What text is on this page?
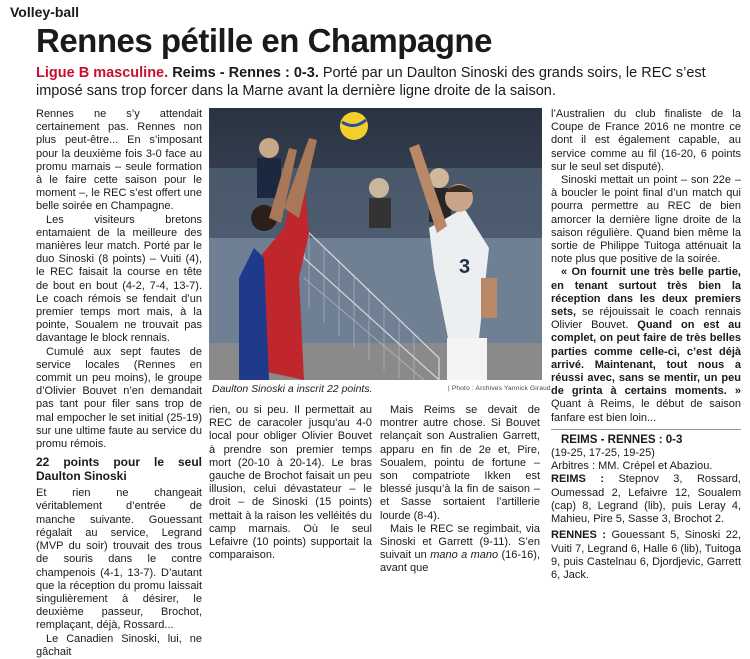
Volley-ball
Rennes pétille en Champagne
Ligue B masculine. Reims - Rennes : 0-3. Porté par un Daulton Sinoski des grands soirs, le REC s’est imposé sans trop forcer dans la Marne avant la dernière ligne droite de la saison.

Rennes ne s’y attendait certainement pas. Rennes non plus peut-être... En s’imposant pour la deuxième fois 3-0 face au promu marnais – seule formation à le faire cette saison pour le moment –, le REC s’est offert une belle soirée en Champagne.

Les visiteurs bretons entamaient de la meilleure des manières leur match. Porté par le duo Sinoski (8 points) – Vuiti (4), le REC faisait la course en tête de bout en bout (4-2, 7-4, 13-7). Le coach rémois se fendait d’un premier temps mort mais, à la pointe, Soualem ne trouvait pas davantage le block rennais.

Cumulé aux sept fautes de service locales (Rennes en commit un peu moins), le groupe d’Olivier Bouvet n’en demandait pas tant pour filer sans trop de mal empocher le set initial (25-19) sur une ultime faute au service du promu rémois.

22 points pour le seul Daulton Sinoski

Et rien ne changeait véritablement d’entrée de manche suivante. Gouessant régalait au service, Legrand (MVP du soir) trouvait des trous de souris dans le contre champenois (4-1, 13-7). D’autant que la réception du promu laissait singulièrement à désirer, le deuxième passeur, Brochot, remplaçant, déjà, Rossard...

Le Canadien Sinoski, lui, ne gâchait

3
Daulton Sinoski a inscrit 22 points.	| Photo : Archives Yannick Giraud

rien, ou si peu. Il permettait au REC de caracoler jusqu’au 4-0 local pour obliger Olivier Bouvet à prendre son premier temps mort (20-10 à 20-14). Le bras gauche de Brochot faisait un peu illusion, celui dévastateur – le droit – de Sinoski (15 points) mettait à la raison les velléités du camp marnais. Où le seul Lefaivre (10 points) supportait la comparaison.

Mais Reims se devait de montrer autre chose. Si Bouvet relançait son Australien Garrett, apparu en fin de 2e et, Pire, Soualem, pointu de fortune – son compatriote Ikken est blessé jusqu’à la fin de saison – et Sasse sortaient l’artillerie lourde (8-4).

Mais le REC se regimbait, via Sinoski et Garrett (9-11). S’en suivait un mano a mano (16-16), avant que

l’Australien du club finaliste de la Coupe de France 2016 ne montre ce dont il est également capable, au service comme au fil (16-20, 6 points sur le seul set disputé).

Sinoski mettait un point – son 22e – à boucler le point final d’un match qui pourra permettre au REC de bien amorcer la dernière ligne droite de la saison régulière. Quand bien même la sortie de Philippe Tuitoga atténuait la note plus que positive de la soirée.

« On fournit une très belle partie, en tenant surtout très bien la réception dans les deux premiers sets, se réjouissait le coach rennais Olivier Bouvet. Quand on est au complet, on peut faire de très belles parties comme celle-ci, c’est déjà arrivé. Maintenant, tout nous a réussi avec, sans se mentir, un peu de grinta à certains moments. » Quant à Reims, le début de saison fanfare est bien loin...

REIMS - RENNES : 0-3

(19-25, 17-25, 19-25)

Arbitres : MM. Crépel et Abaziou.

REIMS : Stepnov 3, Rossard, Oumessad 2, Lefaivre 12, Soualem (cap) 8, Legrand (lib), puis Leray 4, Mahieu, Pire 5, Sasse 3, Brochot 2.

RENNES : Gouessant 5, Sinoski 22, Vuiti 7, Legrand 6, Halle 6 (lib), Tuitoga 9, puis Castelnau 6, Djordjevic, Garrett 6, Jack.
